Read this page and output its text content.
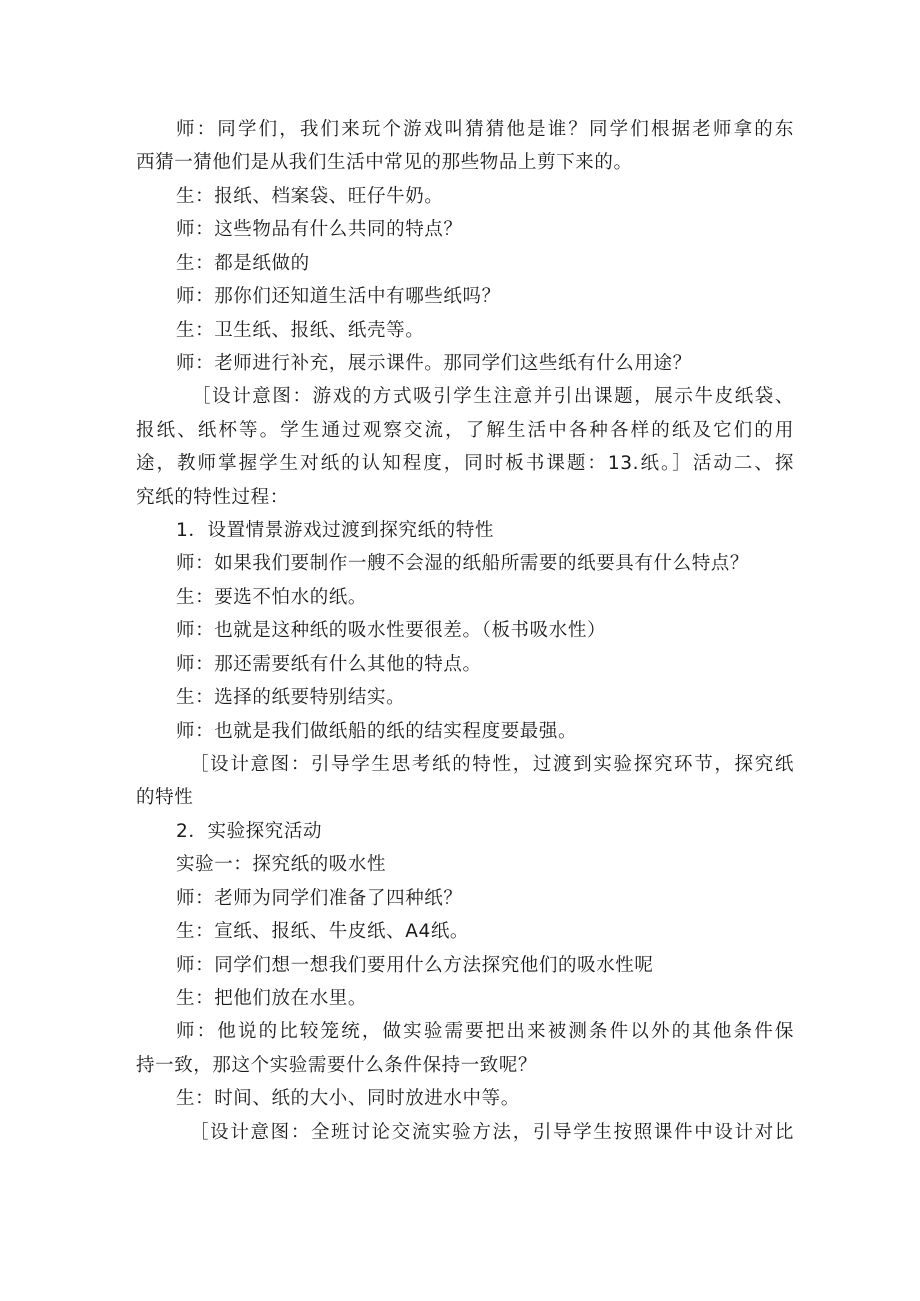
师：同学们，我们来玩个游戏叫猜猜他是谁？同学们根据老师拿的东
西猜一猜他们是从我们生活中常见的那些物品上剪下来的。
生：报纸、档案袋、旺仔牛奶。
师：这些物品有什么共同的特点？
生：都是纸做的
师：那你们还知道生活中有哪些纸吗？
生：卫生纸、报纸、纸壳等。
师：老师进行补充，展示课件。那同学们这些纸有什么用途？
［设计意图：游戏的方式吸引学生注意并引出课题，展示牛皮纸袋、
报纸、纸杯等。学生通过观察交流，了解生活中各种各样的纸及它们的用
途，教师掌握学生对纸的认知程度，同时板书课题：13.纸。］活动二、探
究纸的特性过程：
1．设置情景游戏过渡到探究纸的特性
师：如果我们要制作一艘不会湿的纸船所需要的纸要具有什么特点？
生：要选不怕水的纸。
师：也就是这种纸的吸水性要很差。（板书吸水性）
师：那还需要纸有什么其他的特点。
生：选择的纸要特别结实。
师：也就是我们做纸船的纸的结实程度要最强。
［设计意图：引导学生思考纸的特性，过渡到实验探究环节，探究纸
的特性
2．实验探究活动
实验一：探究纸的吸水性
师：老师为同学们准备了四种纸？
生：宣纸、报纸、牛皮纸、A4纸。
师：同学们想一想我们要用什么方法探究他们的吸水性呢
生：把他们放在水里。
师：他说的比较笼统，做实验需要把出来被测条件以外的其他条件保
持一致，那这个实验需要什么条件保持一致呢？
生：时间、纸的大小、同时放进水中等。
［设计意图：全班讨论交流实验方法，引导学生按照课件中设计对比
